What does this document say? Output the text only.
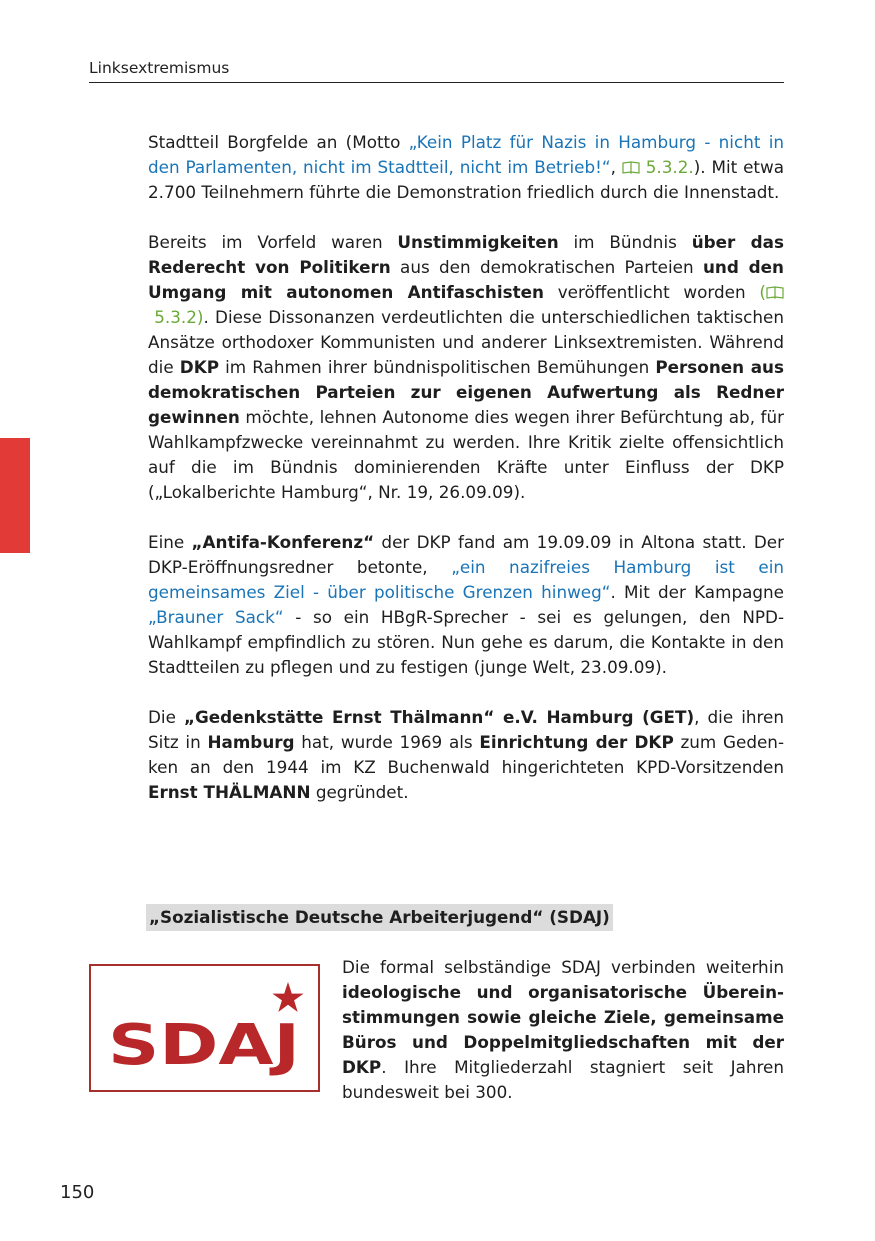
Linksextremismus

Stadtteil Borgfelde an (Motto „Kein Platz für Nazis in Hamburg - nicht in den Parlamenten, nicht im Stadtteil, nicht im Betrieb!“,  5.3.2.). Mit etwa 2.700 Teilnehmern führte die Demonstration friedlich durch die Innenstadt.

Bereits im Vorfeld waren Unstimmigkeiten im Bündnis über das Rederecht von Politikern aus den demokratischen Parteien und den Umgang mit autonomen Antifaschisten veröffentlicht worden ( 5.3.2). Diese Dissonanzen verdeutlichten die unterschiedlichen taktischen Ansätze orthodoxer Kommunisten und anderer Linksextremisten. Während die DKP im Rahmen ihrer bündnispolitischen Bemühungen Personen aus demokratischen Parteien zur eigenen Aufwertung als Redner gewinnen möchte, lehnen Autonome dies wegen ihrer Befürchtung ab, für Wahlkampfzwecke vereinnahmt zu werden. Ihre Kritik zielte offensichtlich auf die im Bündnis dominierenden Kräfte unter Einfluss der DKP („Lokalberichte Hamburg“, Nr. 19, 26.09.09).

Eine „Antifa-Konferenz“ der DKP fand am 19.09.09 in Altona statt. Der DKP-Eröffnungsredner betonte, „ein nazifreies Hamburg ist ein gemeinsames Ziel - über politische Grenzen hinweg“. Mit der Kampagne „Brauner Sack“ - so ein HBgR-Sprecher - sei es gelungen, den NPD-Wahlkampf empfindlich zu stören. Nun gehe es darum, die Kontakte in den Stadtteilen zu pflegen und zu festigen (junge Welt, 23.09.09).

Die „Gedenkstätte Ernst Thälmann“ e.V. Hamburg (GET), die ihren Sitz in Hamburg hat, wurde 1969 als Einrichtung der DKP zum Gedenken an den 1944 im KZ Buchenwald hingerichteten KPD-Vorsitzenden Ernst THÄLMANN gegründet.

„Sozialistische Deutsche Arbeiterjugend“ (SDAJ)
SDAJ
Die formal selbständige SDAJ verbinden weiterhin ideologische und organisatorische Übereinstimmungen sowie gleiche Ziele, gemeinsame Büros und Doppelmitgliedschaften mit der DKP. Ihre Mitgliederzahl stagniert seit Jahren bundesweit bei 300.
150
